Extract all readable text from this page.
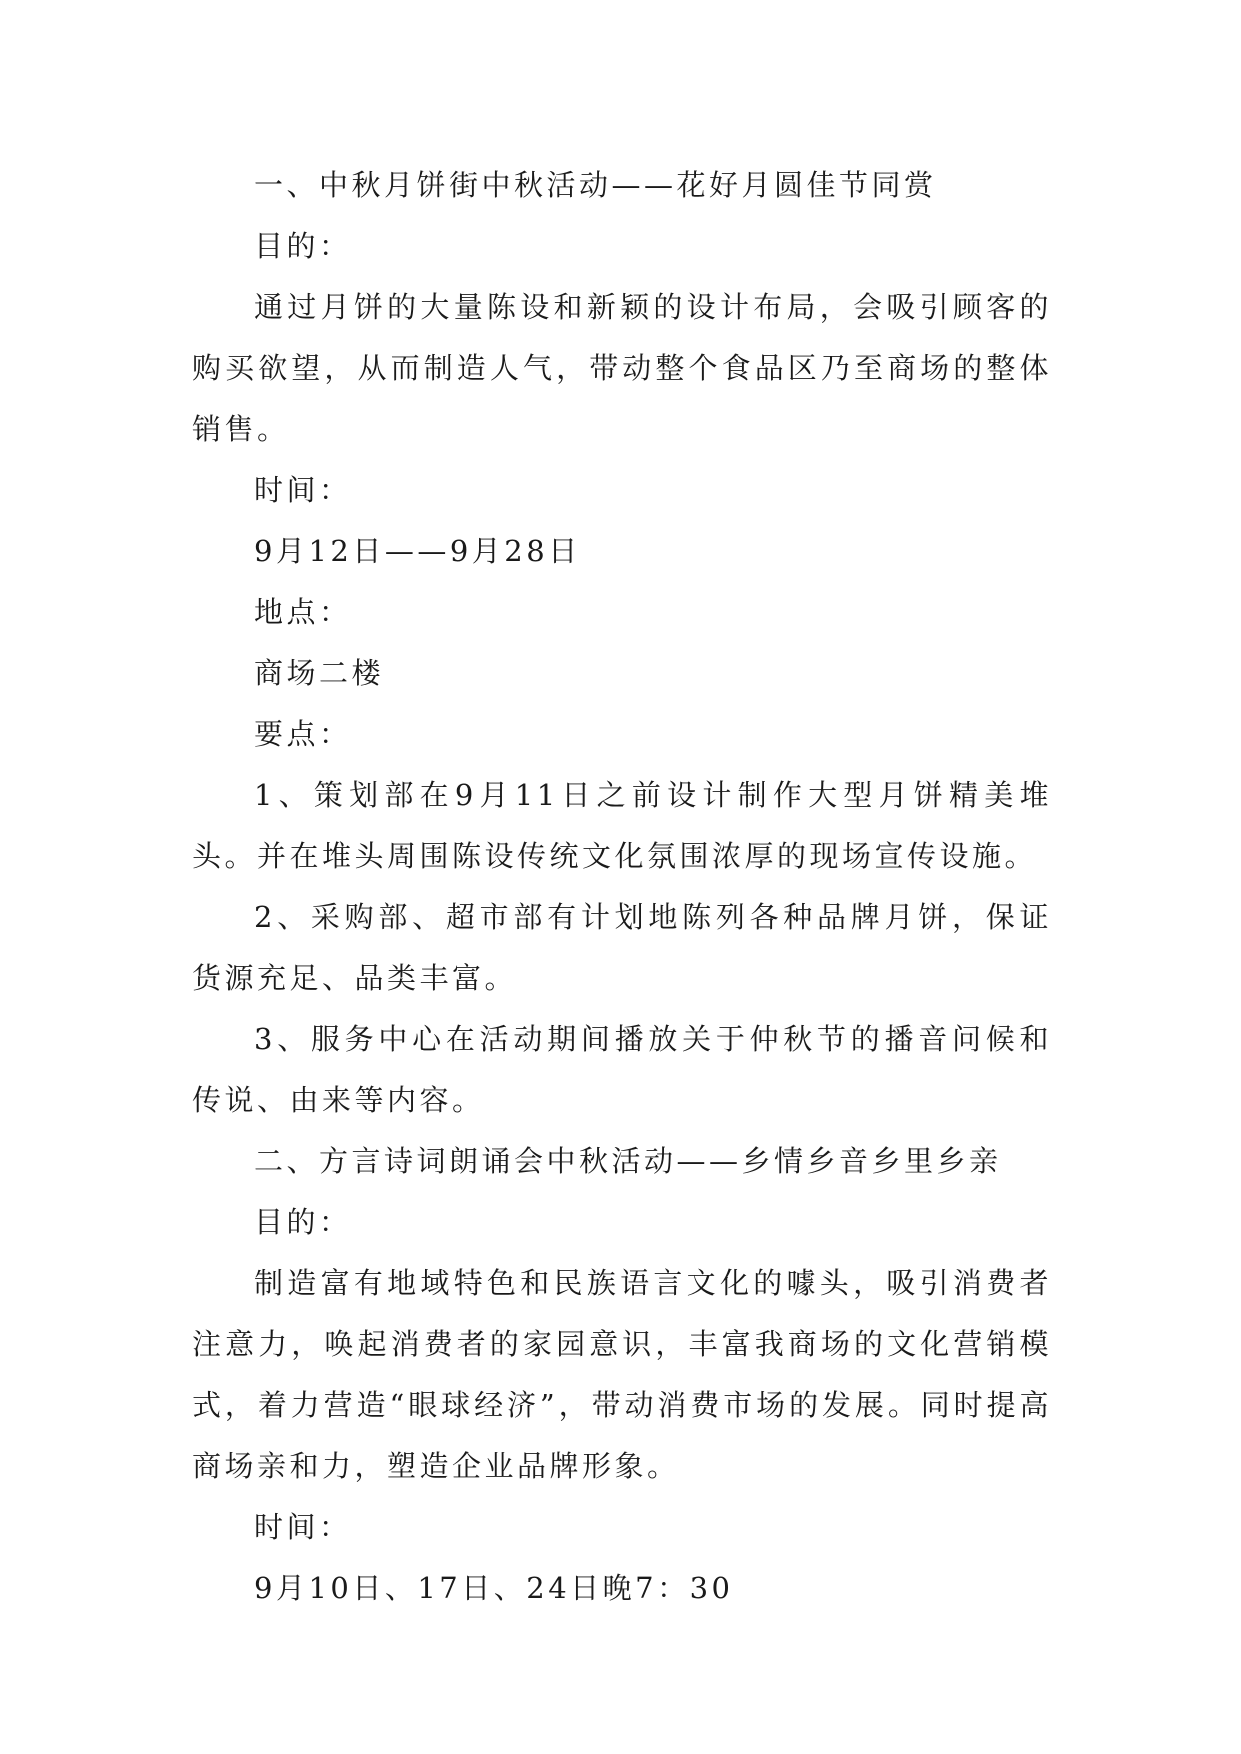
一、中秋月饼街中秋活动——花好月圆佳节同赏

目的：

通过月饼的大量陈设和新颖的设计布局，会吸引顾客的购买欲望，从而制造人气，带动整个食品区乃至商场的整体销售。

时间：

9月12日——9月28日

地点：

商场二楼

要点：

1、策划部在9月11日之前设计制作大型月饼精美堆头。并在堆头周围陈设传统文化氛围浓厚的现场宣传设施。

2、采购部、超市部有计划地陈列各种品牌月饼，保证货源充足、品类丰富。

3、服务中心在活动期间播放关于仲秋节的播音问候和传说、由来等内容。

二、方言诗词朗诵会中秋活动——乡情乡音乡里乡亲

目的：

制造富有地域特色和民族语言文化的噱头，吸引消费者注意力，唤起消费者的家园意识，丰富我商场的文化营销模式，着力营造“眼球经济”，带动消费市场的发展。同时提高商场亲和力，塑造企业品牌形象。

时间：

9月10日、17日、24日晚7：30
